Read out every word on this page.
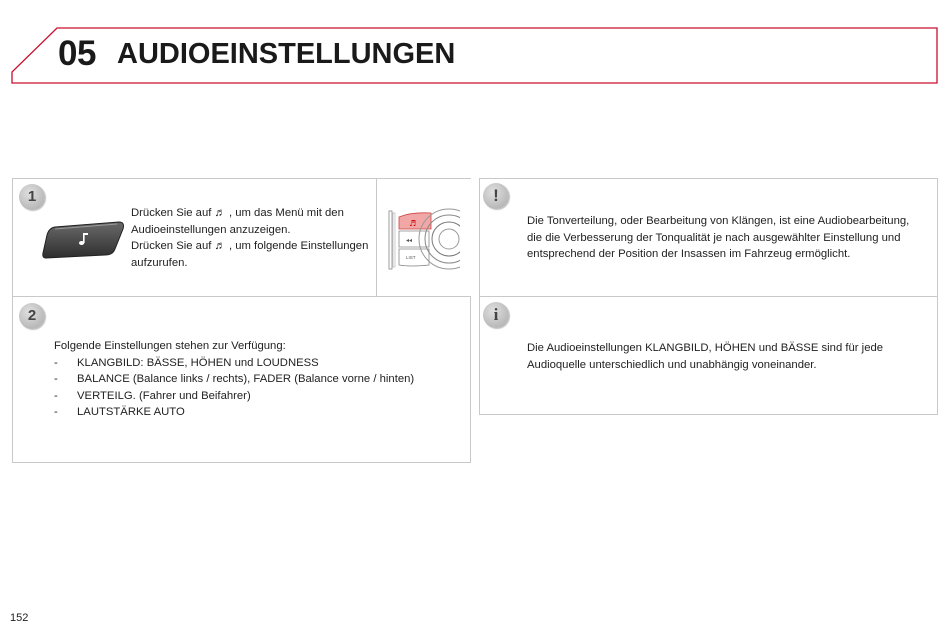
05 AUDIOEINSTELLUNGEN
1

Drücken Sie auf ♬ , um das Menü mit den

Audioeinstellungen anzuzeigen.

Drücken Sie auf ♬ , um folgende Einstellungen

aufzurufen.

♬
◂◂
LIST
2

Folgende Einstellungen stehen zur Verfügung:

- KLANGBILD: BÄSSE, HÖHEN und LOUDNESS
- BALANCE (Balance links / rechts), FADER (Balance vorne / hinten)
- VERTEILG. (Fahrer und Beifahrer)
- LAUTSTÄRKE AUTO
!

Die Tonverteilung, oder Bearbeitung von Klängen, ist eine Audiobearbeitung,

die die Verbesserung der Tonqualität je nach ausgewählter Einstellung und

entsprechend der Position der Insassen im Fahrzeug ermöglicht.

i

Die Audioeinstellungen KLANGBILD, HÖHEN und BÄSSE sind für jede

Audioquelle unterschiedlich und unabhängig voneinander.

152
